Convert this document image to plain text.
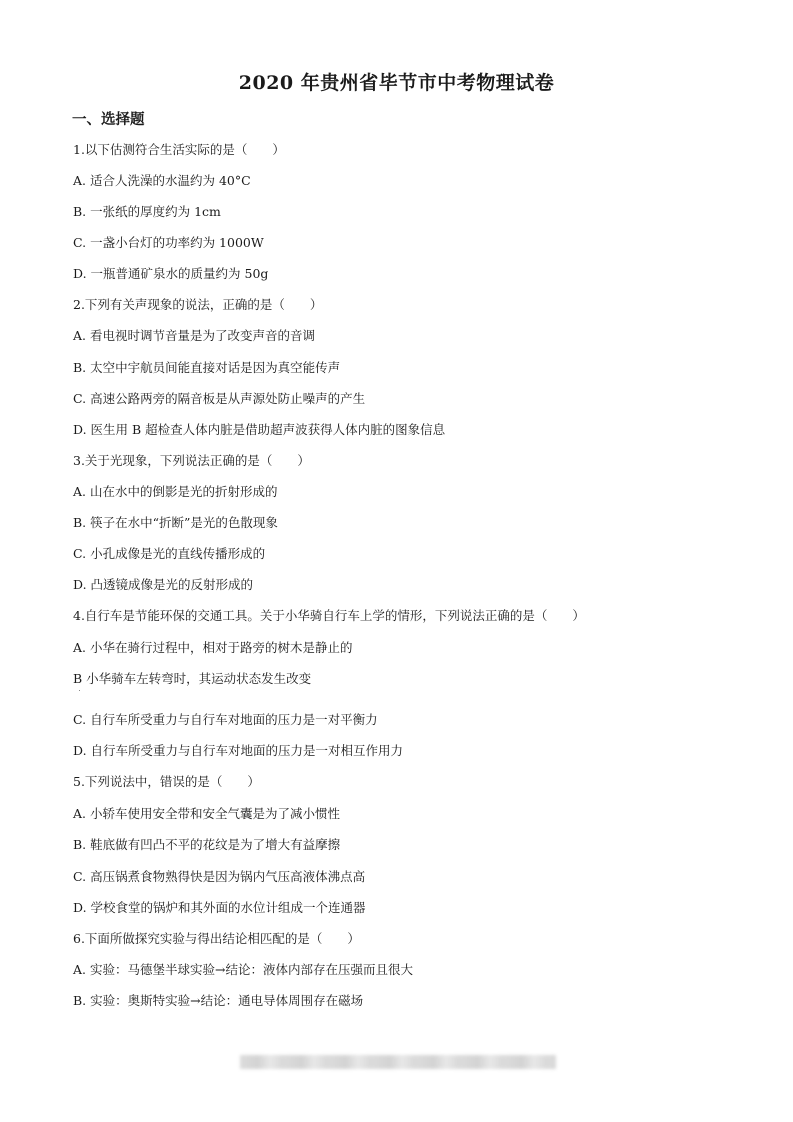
2020 年贵州省毕节市中考物理试卷
一、选择题
1.以下估测符合生活实际的是（　　）
A. 适合人洗澡的水温约为 40°C
B. 一张纸的厚度约为 1cm
C. 一盏小台灯的功率约为 1000W
D. 一瓶普通矿泉水的质量约为 50g
2.下列有关声现象的说法，正确的是（　　）
A. 看电视时调节音量是为了改变声音的音调
B. 太空中宇航员间能直接对话是因为真空能传声
C. 高速公路两旁的隔音板是从声源处防止噪声的产生
D. 医生用 B 超检查人体内脏是借助超声波获得人体内脏的图象信息
3.关于光现象，下列说法正确的是（　　）
A. 山在水中的倒影是光的折射形成的
B. 筷子在水中“折断”是光的色散现象
C. 小孔成像是光的直线传播形成的
D. 凸透镜成像是光的反射形成的
4.自行车是节能环保的交通工具。关于小华骑自行车上学的情形，下列说法正确的是（　　）
A. 小华在骑行过程中，相对于路旁的树木是静止的
B 小华骑车左转弯时，其运动状态发生改变
C. 自行车所受重力与自行车对地面的压力是一对平衡力
D. 自行车所受重力与自行车对地面的压力是一对相互作用力
5.下列说法中，错误的是（　　）
A. 小轿车使用安全带和安全气囊是为了减小惯性
B. 鞋底做有凹凸不平的花纹是为了增大有益摩擦
C. 高压锅煮食物熟得快是因为锅内气压高液体沸点高
D. 学校食堂的锅炉和其外面的水位计组成一个连通器
6.下面所做探究实验与得出结论相匹配的是（　　）
A. 实验：马德堡半球实验→结论：液体内部存在压强而且很大
B. 实验：奥斯特实验→结论：通电导体周围存在磁场
